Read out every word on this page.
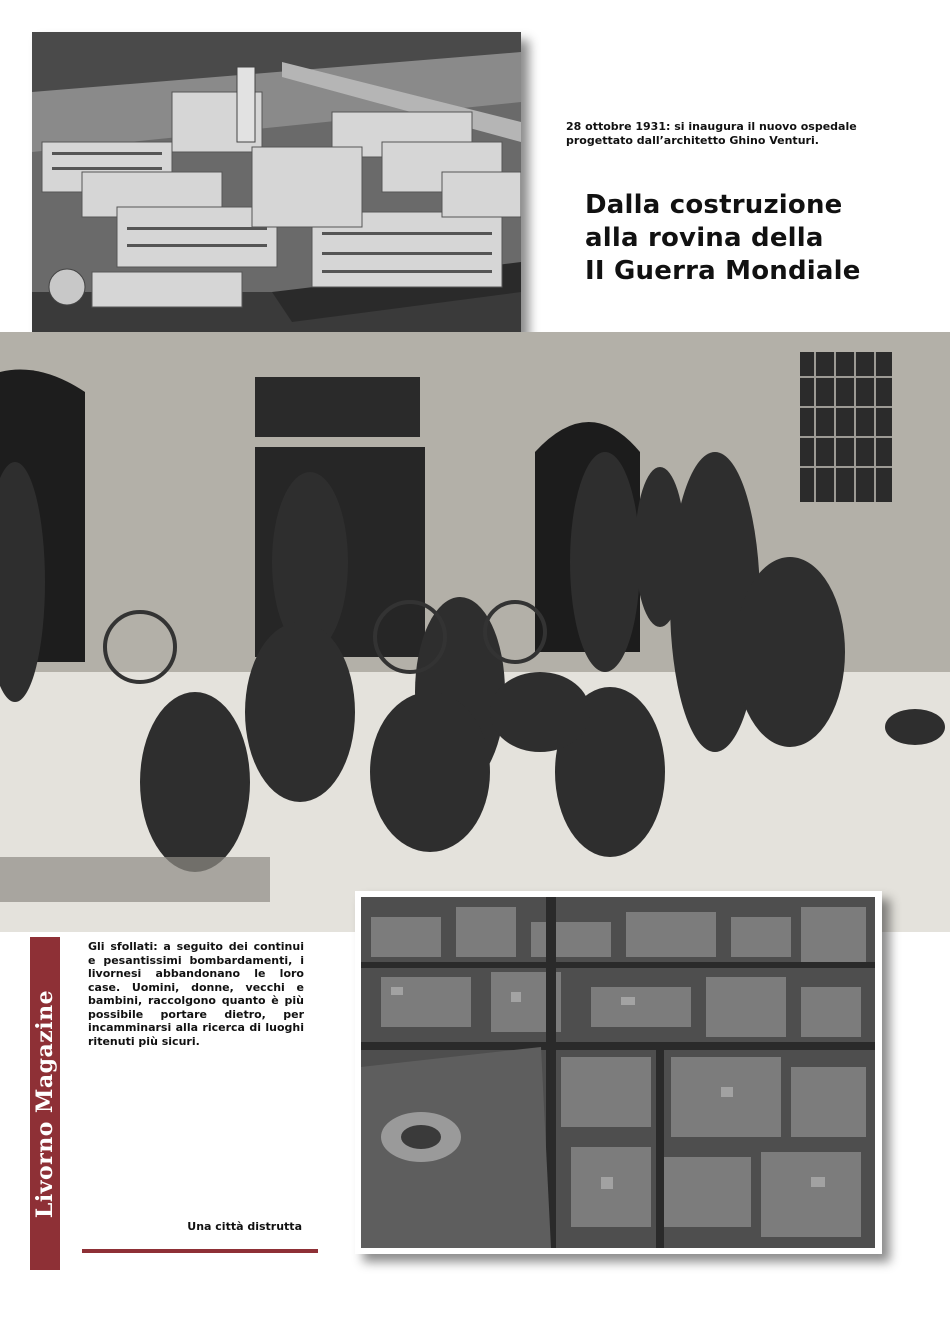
28 ottobre 1931: si inaugura il nuovo ospedale progettato dall’architetto Ghino Venturi.
Dalla costruzione
alla rovina della
II Guerra Mondiale
Livorno Magazine
Gli sfollati: a seguito dei continui e pesantissimi bombardamenti, i livornesi abbandonano le loro case. Uomini, donne, vecchi e bambini, raccolgono quanto è più possibile portare dietro, per incamminarsi alla ricerca di luoghi ritenuti più sicuri.
Una città distrutta
